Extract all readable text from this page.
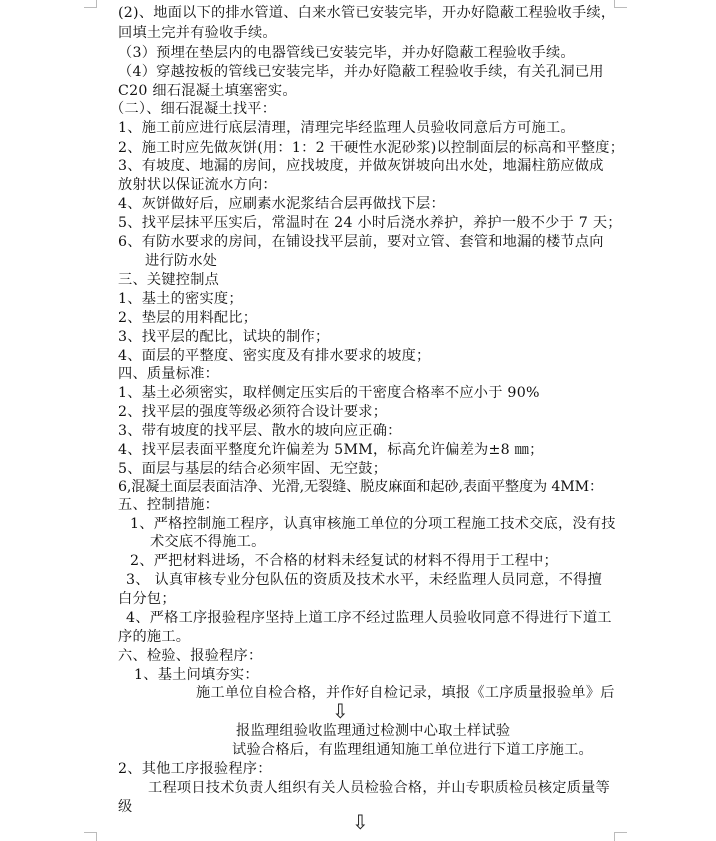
(2)、地面以下的排水管道、白来水管已安装完毕，开办好隐蔽工程验收手续，
回填土完并有验收手续。
（3）预埋在垫层内的电器管线已安装完毕，并办好隐蔽工程验收手续。
（4）穿越按板的管线已安装完毕，并办好隐蔽工程验收手续，有关孔洞已用
C20 细石混凝土填塞密实。
（二）、细石混凝土找平：
1、施工前应进行底层清理，清理完毕经监理人员验收同意后方可施工。
2、施工时应先做灰饼(用：1：2 干硬性水泥砂浆)以控制面层的标高和平整度；
3、有坡度、地漏的房间，应找坡度，并做灰饼坡向出水处，地漏柱筋应做成
放射状以保证流水方向：
4、灰饼做好后，应刷素水泥浆结合层再做找下层：
5、找平层抹平压实后，常温时在 24 小时后浇水养护，养护一般不少于 7 天；
6、有防水要求的房间，在铺设找平层前，要对立管、套管和地漏的楼节点向
进行防水处
三、关键控制点
1、基土的密实度；
2、垫层的用料配比；
3、找平层的配比，试块的制作；
4、面层的平整度、密实度及有排水要求的坡度；
四、质量标准：
1、基土必须密实，取样侧定压实后的干密度合格率不应小于 90%
2、找平层的强度等级必须符合设计要求；
3、带有坡度的找平层、散水的坡向应正确：
4、找平层表面平整度允许偏差为 5MM，标高允许偏差为±8 ㎜；
5、面层与基层的结合必须牢固、无空鼓；
6,混凝土面层表面洁净、光滑,无裂缝、脱皮麻面和起砂,表面平整度为 4MM：
五、控制措施：
1、严格控制施工程序，认真审核施工单位的分项工程施工技术交底，没有技
术交底不得施工。
2、严把材料进场，不合格的材料未经复试的材料不得用于工程中；
3、 认真审核专业分包队伍的资质及技术水平，未经监理人员同意，不得擅
白分包；
4、严格工序报验程序坚持上道工序不经过监理人员验收同意不得进行下道工
序的施工。
六、检验、报验程序：
1、基土问填夯实：
施工单位自检合格，并作好自检记录，填报《工序质量报验单》后
⇩
报监理组验收监理通过检测中心取土样试验
试验合格后，有监理组通知施工单位进行下道工序施工。
2、其他工序报验程序：
工程项日技术负责人组织有关人员检验合格，并山专职质检员核定质量等
级
⇩
